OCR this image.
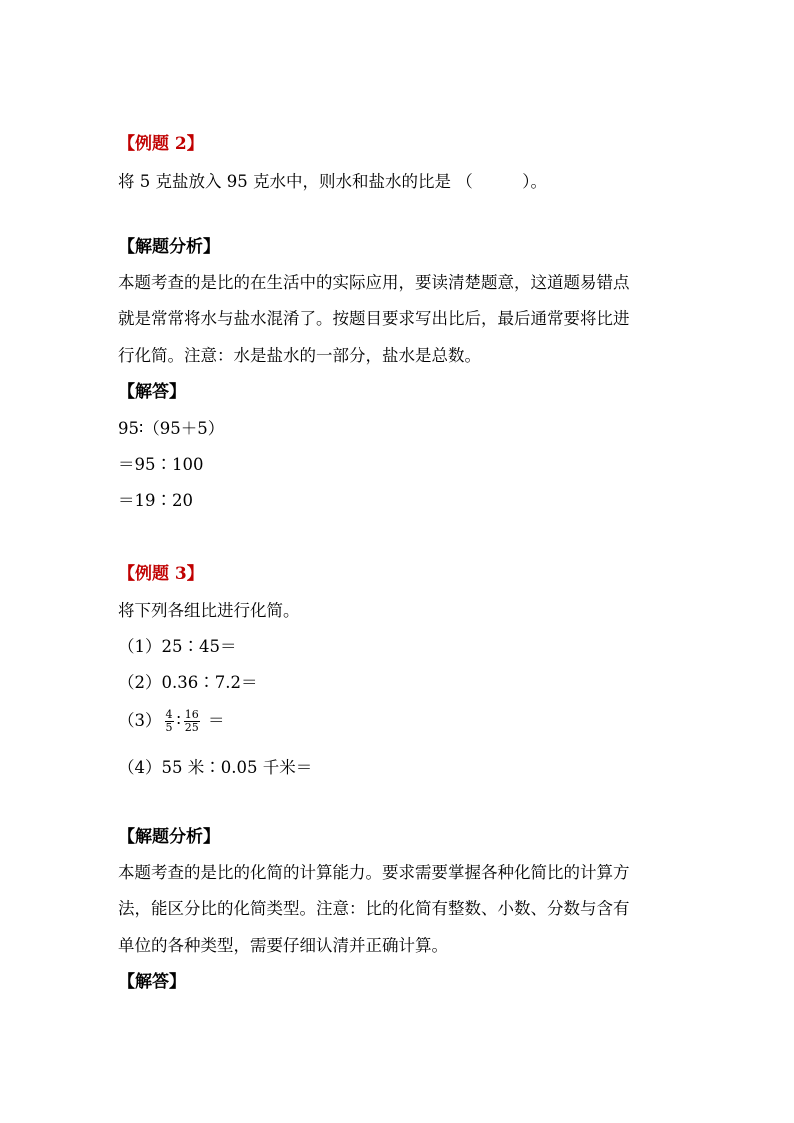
【例题 2】
将 5 克盐放入 95 克水中，则水和盐水的比是 （　　　）。
【解题分析】
本题考查的是比的在生活中的实际应用，要读清楚题意，这道题易错点
就是常常将水与盐水混淆了。按题目要求写出比后，最后通常要将比进
行化简。注意：水是盐水的一部分，盐水是总数。
【解答】
95∶（95＋5）
＝95∶100
＝19∶20
【例题 3】
将下列各组比进行化简。
（1）25∶45＝
（2）0.36∶7.2＝
$(3) \frac{4}{5}$ ∶ $\frac{16}{25}$ ＝
（4）55 米∶0.05 千米＝
【解题分析】
本题考查的是比的化简的计算能力。要求需要掌握各种化简比的计算方
法，能区分比的化简类型。注意：比的化简有整数、小数、分数与含有
单位的各种类型，需要仔细认清并正确计算。
【解答】
